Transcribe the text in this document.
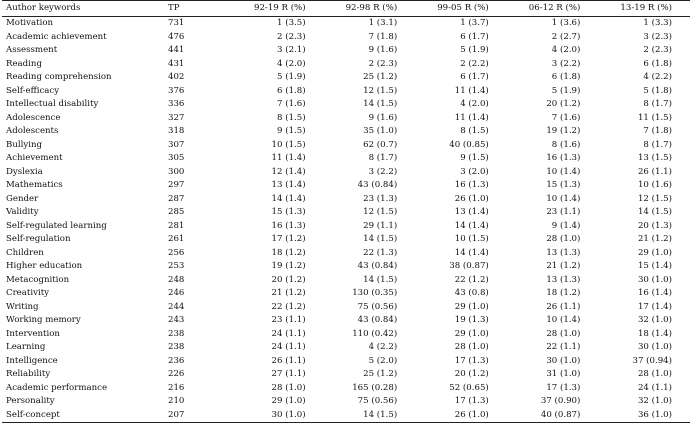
Author keywords	TP	92-19 R (%)	92-98 R (%)	99-05 R (%)	06-12 R (%)	13-19 R (%)
Motivation	731	1 (3.5)	1 (3.1)	1 (3.7)	1 (3.6)	1 (3.3)
Academic achievement	476	2 (2.3)	7 (1.8)	6 (1.7)	2 (2.7)	3 (2.3)
Assessment	441	3 (2.1)	9 (1.6)	5 (1.9)	4 (2.0)	2 (2.3)
Reading	431	4 (2.0)	2 (2.3)	2 (2.2)	3 (2.2)	6 (1.8)
Reading comprehension	402	5 (1.9)	25 (1.2)	6 (1.7)	6 (1.8)	4 (2.2)
Self-efficacy	376	6 (1.8)	12 (1.5)	11 (1.4)	5 (1.9)	5 (1.8)
Intellectual disability	336	7 (1.6)	14 (1.5)	4 (2.0)	20 (1.2)	8 (1.7)
Adolescence	327	8 (1.5)	9 (1.6)	11 (1.4)	7 (1.6)	11 (1.5)
Adolescents	318	9 (1.5)	35 (1.0)	8 (1.5)	19 (1.2)	7 (1.8)
Bullying	307	10 (1.5)	62 (0.7)	40 (0.85)	8 (1.6)	8 (1.7)
Achievement	305	11 (1.4)	8 (1.7)	9 (1.5)	16 (1.3)	13 (1.5)
Dyslexia	300	12 (1.4)	3 (2.2)	3 (2.0)	10 (1.4)	26 (1.1)
Mathematics	297	13 (1.4)	43 (0.84)	16 (1.3)	15 (1.3)	10 (1.6)
Gender	287	14 (1.4)	23 (1.3)	26 (1.0)	10 (1.4)	12 (1.5)
Validity	285	15 (1.3)	12 (1.5)	13 (1.4)	23 (1.1)	14 (1.5)
Self-regulated learning	281	16 (1.3)	29 (1.1)	14 (1.4)	9 (1.4)	20 (1.3)
Self-regulation	261	17 (1.2)	14 (1.5)	10 (1.5)	28 (1.0)	21 (1.2)
Children	256	18 (1.2)	22 (1.3)	14 (1.4)	13 (1.3)	29 (1.0)
Higher education	253	19 (1.2)	43 (0.84)	38 (0.87)	21 (1.2)	15 (1.4)
Metacognition	248	20 (1.2)	14 (1.5)	22 (1.2)	13 (1.3)	30 (1.0)
Creativity	246	21 (1.2)	130 (0.35)	43 (0.8)	18 (1.2)	16 (1.4)
Writing	244	22 (1.2)	75 (0.56)	29 (1.0)	26 (1.1)	17 (1.4)
Working memory	243	23 (1.1)	43 (0.84)	19 (1.3)	10 (1.4)	32 (1.0)
Intervention	238	24 (1.1)	110 (0.42)	29 (1.0)	28 (1.0)	18 (1.4)
Learning	238	24 (1.1)	4 (2.2)	28 (1.0)	22 (1.1)	30 (1.0)
Intelligence	236	26 (1.1)	5 (2.0)	17 (1.3)	30 (1.0)	37 (0.94)
Reliability	226	27 (1.1)	25 (1.2)	20 (1.2)	31 (1.0)	28 (1.0)
Academic performance	216	28 (1.0)	165 (0.28)	52 (0.65)	17 (1.3)	24 (1.1)
Personality	210	29 (1.0)	75 (0.56)	17 (1.3)	37 (0.90)	32 (1.0)
Self-concept	207	30 (1.0)	14 (1.5)	26 (1.0)	40 (0.87)	36 (1.0)
